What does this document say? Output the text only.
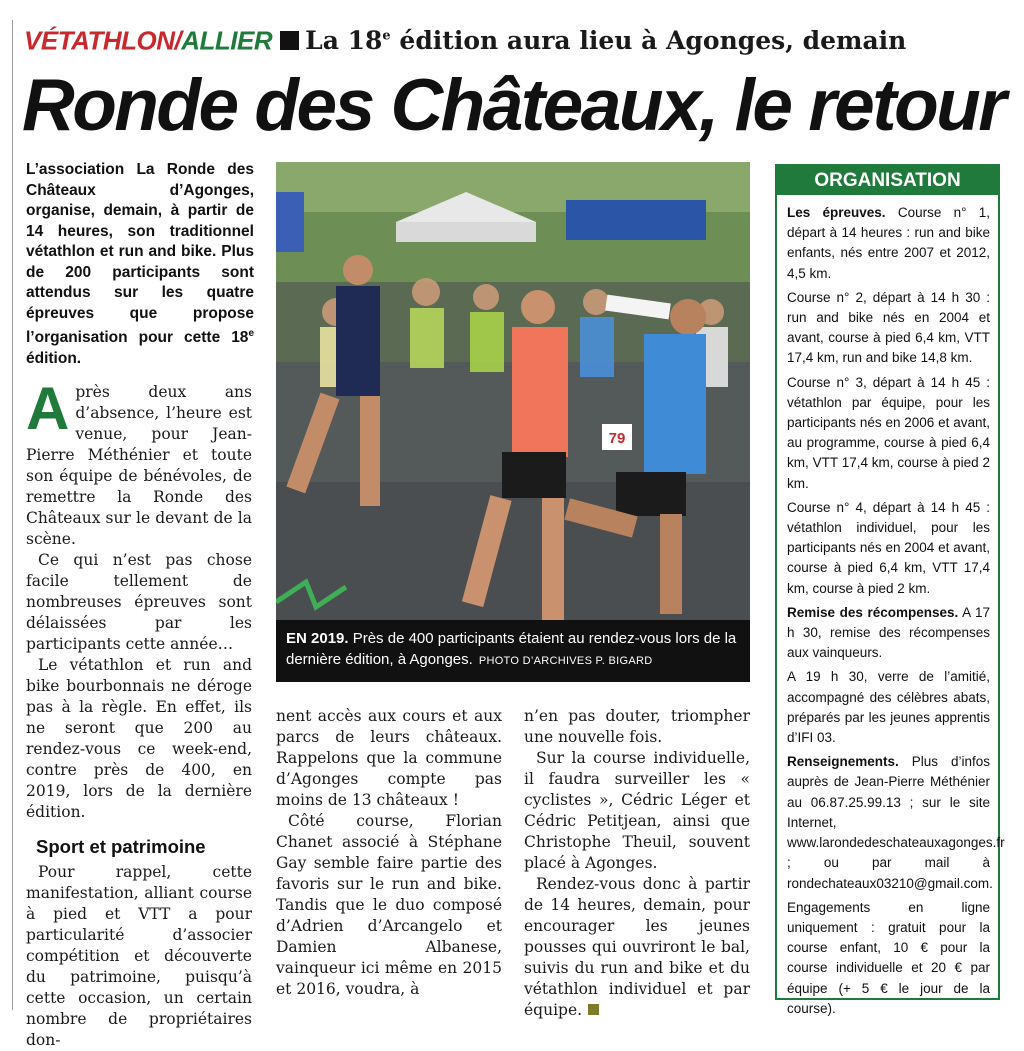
VÉTATHLON/ALLIER La 18e édition aura lieu à Agonges, demain
Ronde des Châteaux, le retour

L’association La Ronde des Châteaux d’Agonges, organise, demain, à partir de 14 heures, son traditionnel vétathlon et run and bike. Plus de 200 participants sont attendus sur les quatre épreuves que propose l’organisation pour cette 18e édition.

Après deux ans d’absence, l’heure est venue, pour Jean-Pierre Méthénier et toute son équipe de bénévoles, de remettre la Ronde des Châteaux sur le devant de la scène.

Ce qui n’est pas chose facile tellement de nombreuses épreuves sont délaissées par les participants cette année…

Le vétathlon et run and bike bourbonnais ne déroge pas à la règle. En effet, ils ne seront que 200 au rendez-vous ce week-end, contre près de 400, en 2019, lors de la dernière édition.

Sport et patrimoine

Pour rappel, cette manifestation, alliant course à pied et VTT a pour particularité d’associer compétition et découverte du patrimoine, puisqu’à cette occasion, un certain nombre de propriétaires don-

nent accès aux cours et aux parcs de leurs châteaux. Rappelons que la commune d’Agonges compte pas moins de 13 châteaux !

Côté course, Florian Chanet associé à Stéphane Gay semble faire partie des favoris sur le run and bike. Tandis que le duo composé d’Adrien d’Arcangelo et Damien Albanese, vainqueur ici même en 2015 et 2016, voudra, à

n’en pas douter, triompher une nouvelle fois.

Sur la course individuelle, il faudra surveiller les « cyclistes », Cédric Léger et Cédric Petitjean, ainsi que Christophe Theuil, souvent placé à Agonges.

Rendez-vous donc à partir de 14 heures, demain, pour encourager les jeunes pousses qui ouvriront le bal, suivis du run and bike et du vétathlon individuel et par équipe.

79
EN 2019. Près de 400 participants étaient au rendez-vous lors de la dernière édition, à Agonges. PHOTO D’ARCHIVES P. BIGARD
ORGANISATION

Les épreuves. Course n° 1, départ à 14 heures : run and bike enfants, nés entre 2007 et 2012, 4,5 km.

Course n° 2, départ à 14 h 30 : run and bike nés en 2004 et avant, course à pied 6,4 km, VTT 17,4 km, run and bike 14,8 km.

Course n° 3, départ à 14 h 45 : vétathlon par équipe, pour les participants nés en 2006 et avant, au programme, course à pied 6,4 km, VTT 17,4 km, course à pied 2 km.

Course n° 4, départ à 14 h 45 : vétathlon individuel, pour les participants nés en 2004 et avant, course à pied 6,4 km, VTT 17,4 km, course à pied 2 km.

Remise des récompenses. A 17 h 30, remise des récompenses aux vainqueurs.

A 19 h 30, verre de l’amitié, accompagné des célèbres abats, préparés par les jeunes apprentis d’IFI 03.

Renseignements. Plus d’infos auprès de Jean-Pierre Méthénier au 06.87.25.99.13 ; sur le site Internet, www.larondedeschateauxagonges.fr ; ou par mail à rondechateaux03210@gmail.com.

Engagements en ligne uniquement : gratuit pour la course enfant, 10 € pour la course individuelle et 20 € par équipe (+ 5 € le jour de la course).
